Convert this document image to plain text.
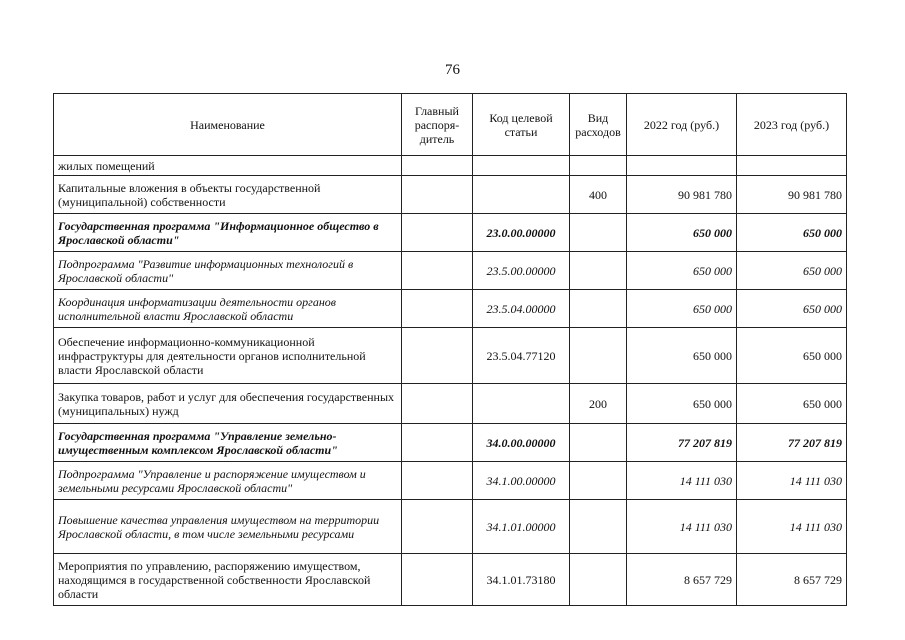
76
Наименование	Главный распоря-дитель	Код целевой статьи	Вид расходов	2022 год (руб.)	2023 год (руб.)
жилых помещений					
Капитальные вложения в объекты государственной (муниципальной) собственности			400	90 981 780	90 981 780
Государственная программа "Информационное общество в Ярославской области"		23.0.00.00000		650 000	650 000
Подпрограмма "Развитие информационных технологий в Ярославской области"		23.5.00.00000		650 000	650 000
Координация информатизации деятельности органов исполнительной власти Ярославской области		23.5.04.00000		650 000	650 000
Обеспечение информационно-коммуникационной инфраструктуры для деятельности органов исполнительной власти Ярославской области		23.5.04.77120		650 000	650 000
Закупка товаров, работ и услуг для обеспечения государственных (муниципальных) нужд			200	650 000	650 000
Государственная программа "Управление земельно-имущественным комплексом Ярославской области"		34.0.00.00000		77 207 819	77 207 819
Подпрограмма "Управление и распоряжение имуществом и земельными ресурсами Ярославской области"		34.1.00.00000		14 111 030	14 111 030
Повышение качества управления имуществом на территории Ярославской области, в том числе земельными ресурсами		34.1.01.00000		14 111 030	14 111 030
Мероприятия по управлению, распоряжению имуществом, находящимся в государственной собственности Ярославской области		34.1.01.73180		8 657 729	8 657 729
